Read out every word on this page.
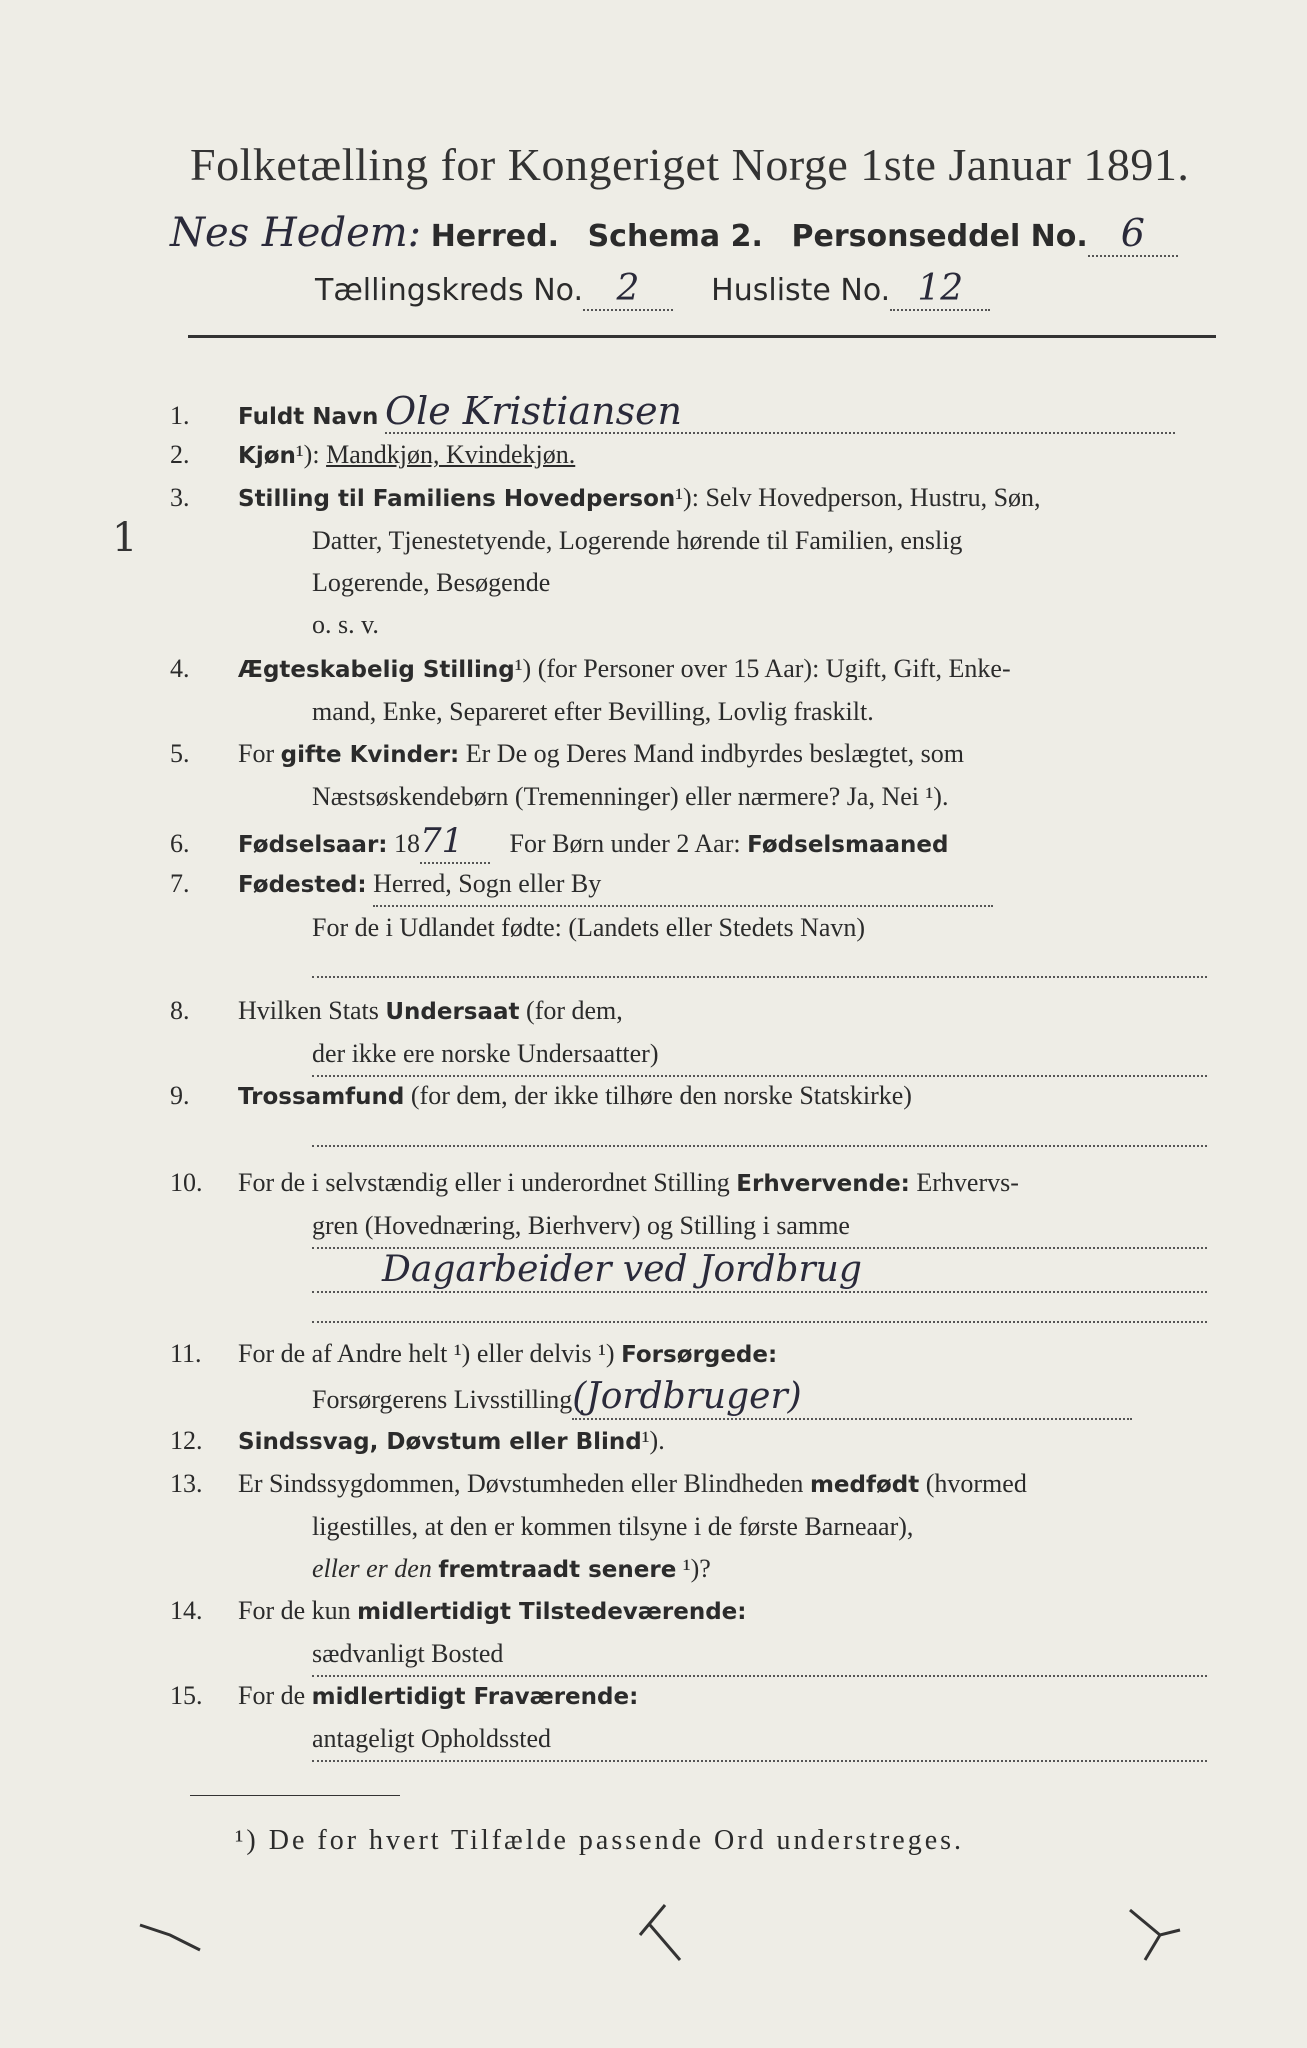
Folketælling for Kongeriget Norge 1ste Januar 1891.
Nes Hedem: Herred. Schema 2. Personseddel No. 6
Tællingskreds No. 2 Husliste No. 12
1. Fuldt Navn Ole Kristiansen
2. Kjøn¹): Mandkjøn, Kvindekjøn.
3. Stilling til Familiens Hovedperson¹): Selv Hovedperson, Hustru, Søn,
Datter, Tjenestetyende, Logerende hørende til Familien, enslig
Logerende, Besøgende
o. s. v.
1
4. Ægteskabelig Stilling¹) (for Personer over 15 Aar): Ugift, Gift, Enke-
mand, Enke, Separeret efter Bevilling, Lovlig fraskilt.
5. For gifte Kvinder: Er De og Deres Mand indbyrdes beslægtet, som
Næstsøskendebørn (Tremenninger) eller nærmere? Ja, Nei ¹).
6. Fødselsaar: 1871 For Børn under 2 Aar: Fødselsmaaned
7. Fødested: Herred, Sogn eller By
For de i Udlandet fødte: (Landets eller Stedets Navn)

8. Hvilken Stats Undersaat (for dem,
der ikke ere norske Undersaatter)
9. Trossamfund (for dem, der ikke tilhøre den norske Statskirke)

10. For de i selvstændig eller i underordnet Stilling Erhvervende: Erhvervs-
gren (Hovednæring, Bierhverv) og Stilling i samme
Dagarbeider ved Jordbrug

11. For de af Andre helt ¹) eller delvis ¹) Forsørgede:
Forsørgerens Livsstilling(Jordbruger)
12. Sindssvag, Døvstum eller Blind¹).
13. Er Sindssygdommen, Døvstumheden eller Blindheden medfødt (hvormed
ligestilles, at den er kommen tilsyne i de første Barneaar),
eller er den fremtraadt senere ¹)?
14. For de kun midlertidigt Tilstedeværende:
sædvanligt Bosted
15. For de midlertidigt Fraværende:
antageligt Opholdssted
¹) De for hvert Tilfælde passende Ord understreges.
